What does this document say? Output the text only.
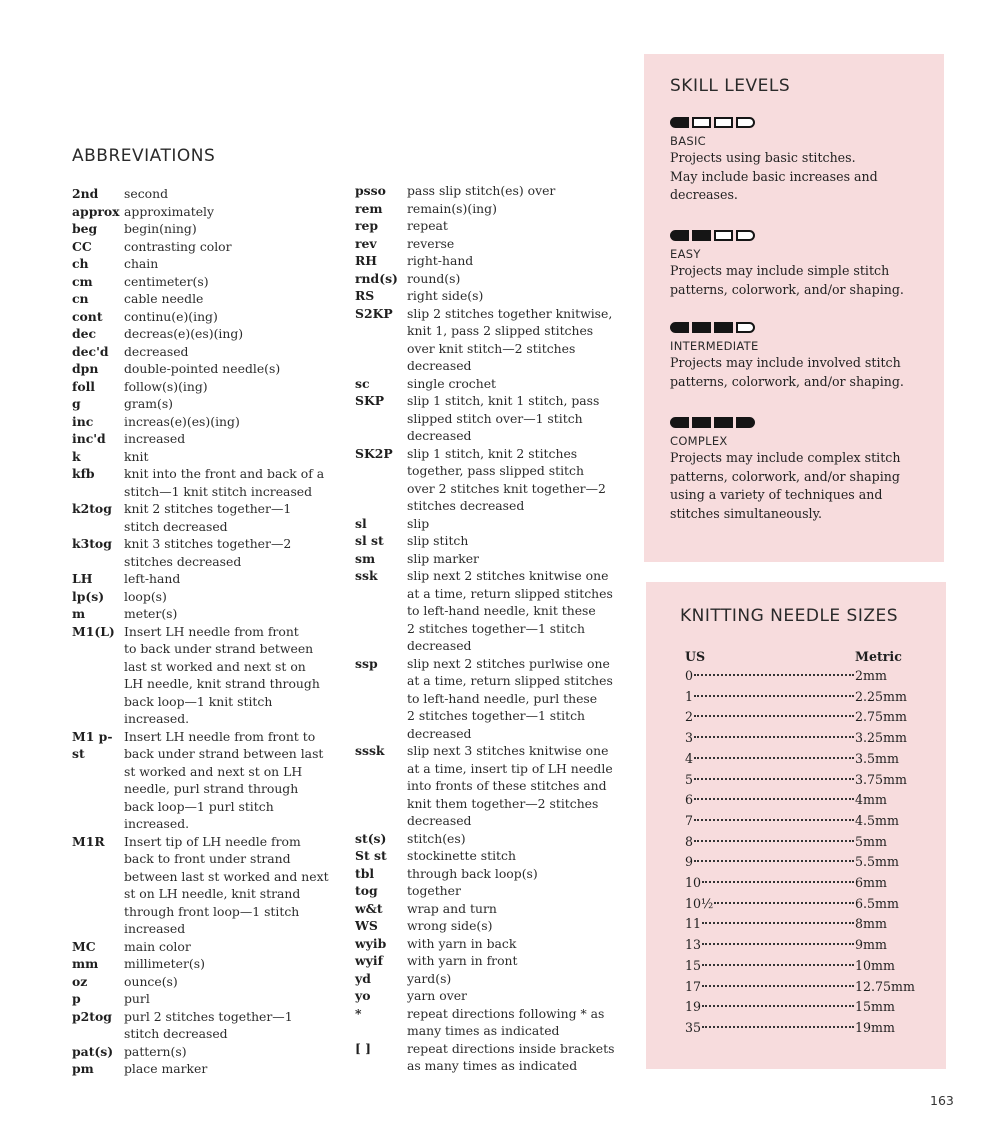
ABBREVIATIONS
2nd	second
approx approximately
beg	begin(ning)
CC	contrasting color
ch	chain
cm	centimeter(s)
cn	cable needle
cont	continu(e)(ing)
dec	decreas(e)(es)(ing)
dec'd	decreased
dpn	double-pointed needle(s)
foll	follow(s)(ing)
g	gram(s)
inc	increas(e)(es)(ing)
inc'd	increased
k	knit
kfb	knit into the front and back of a
stitch—1 knit stitch increased
k2tog knit 2 stitches together—1
stitch decreased
k3tog knit 3 stitches together—2
stitches decreased
LH	left-hand
lp(s)	loop(s)
m	meter(s)
M1(L) Insert LH needle from front
to back under strand between
last st worked and next st on
LH needle, knit strand through
back loop—1 knit stitch
increased.
M1 p-st
Insert LH needle from front to
back under strand between last
st worked and next st on LH
needle, purl strand through
back loop—1 purl stitch
increased.
M1R	Insert tip of LH needle from
back to front under strand
between last st worked and next
st on LH needle, knit strand
through front loop—1 stitch
increased
MC	main color
mm	millimeter(s)
oz	ounce(s)
p	purl
p2tog purl 2 stitches together—1
stitch decreased
pat(s) pattern(s)
pm	place marker
psso	pass slip stitch(es) over
rem	remain(s)(ing)
rep	repeat
rev	reverse
RH	right-hand
rnd(s) round(s)
RS	right side(s)
S2KP	slip 2 stitches together knitwise,
knit 1, pass 2 slipped stitches
over knit stitch—2 stitches
decreased
sc	single crochet
SKP	slip 1 stitch, knit 1 stitch, pass
slipped stitch over—1 stitch
decreased
SK2P	slip 1 stitch, knit 2 stitches
together, pass slipped stitch
over 2 stitches knit together—2
stitches decreased
sl	slip
sl st	slip stitch
sm	slip marker
ssk	slip next 2 stitches knitwise one
at a time, return slipped stitches
to left-hand needle, knit these
2 stitches together—1 stitch
decreased
ssp	slip next 2 stitches purlwise one
at a time, return slipped stitches
to left-hand needle, purl these
2 stitches together—1 stitch
decreased
sssk	slip next 3 stitches knitwise one
at a time, insert tip of LH needle
into fronts of these stitches and
knit them together—2 stitches
decreased
st(s)	stitch(es)
St st	stockinette stitch
tbl	through back loop(s)
tog	together
w&t	wrap and turn
WS	wrong side(s)
wyib	with yarn in back
wyif	with yarn in front
yd	yard(s)
yo	yarn over
*	repeat directions following * as
many times as indicated
[ ]	repeat directions inside brackets
as many times as indicated
SKILL LEVELS
BASIC
Projects using basic stitches.
May include basic increases and
decreases.
EASY
Projects may include simple stitch
patterns, colorwork, and/or shaping.
INTERMEDIATE
Projects may include involved stitch
patterns, colorwork, and/or shaping.
COMPLEX
Projects may include complex stitch
patterns, colorwork, and/or shaping
using a variety of techniques and
stitches simultaneously.
KNITTING NEEDLE SIZES
US	Metric
0	2mm
1	2.25mm
2	2.75mm
3	3.25mm
4	3.5mm
5	3.75mm
6	4mm
7	4.5mm
8	5mm
9	5.5mm
10	6mm
10½	6.5mm
11	8mm
13	9mm
15	10mm
17	12.75mm
19	15mm
35	19mm
163
